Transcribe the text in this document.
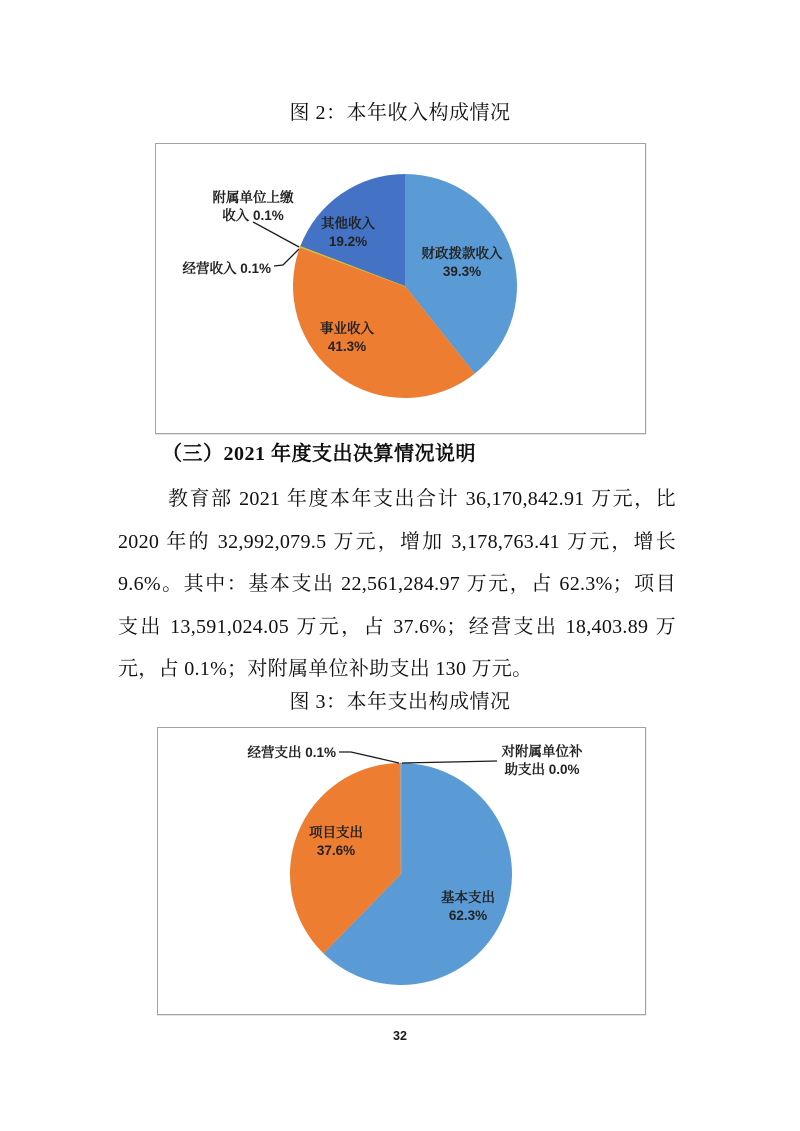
图 2：本年收入构成情况
其他收入
19.2%
财政拨款收入
39.3%
事业收入
41.3%
附属单位上缴
收入 0.1%
经营收入 0.1%
（三）2021 年度支出决算情况说明
教育部 2021 年度本年支出合计 36,170,842.91 万元，比
2020 年的 32,992,079.5 万元，增加 3,178,763.41 万元，增长
9.6%。其中：基本支出 22,561,284.97 万元，占 62.3%；项目
支出 13,591,024.05 万元，占 37.6%；经营支出 18,403.89 万
元，占 0.1%；对附属单位补助支出 130 万元。
图 3：本年支出构成情况
项目支出
37.6%
基本支出
62.3%
经营支出 0.1%	对附属单位补
助支出 0.0%
32
